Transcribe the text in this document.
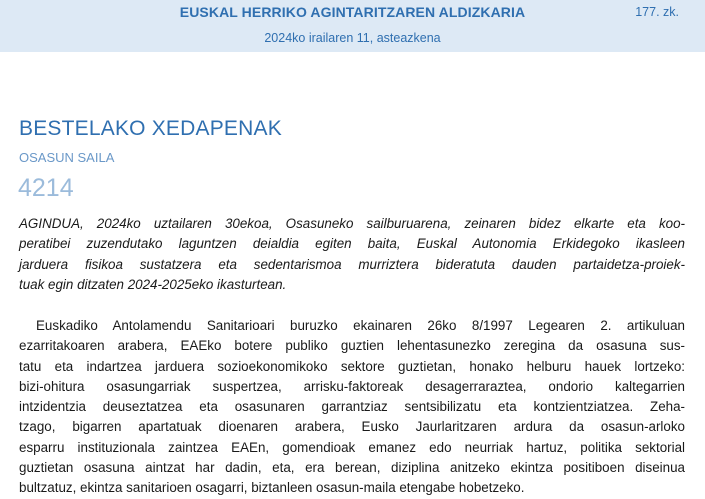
EUSKAL HERRIKO AGINTARITZAREN ALDIZKARIA	177. zk.
2024ko irailaren 11, asteazkena
BESTELAKO XEDAPENAK
OSASUN SAILA
4214

AGINDUA, 2024ko uztailaren 30ekoa, Osasuneko sailburuarena, zeinaren bidez elkarte eta koo-
peratibei zuzendutako laguntzen deialdia egiten baita, Euskal Autonomia Erkidegoko ikasleen
jarduera fisikoa sustatzera eta sedentarismoa murriztera bideratuta dauden partaidetza-proiek-
tuak egin ditzaten 2024-2025eko ikasturtean.

Euskadiko Antolamendu Sanitarioari buruzko ekainaren 26ko 8/1997 Legearen 2. artikuluan
ezarritakoaren arabera, EAEko botere publiko guztien lehentasunezko zeregina da osasuna sus-
tatu eta indartzea jarduera sozioekonomikoko sektore guztietan, honako helburu hauek lortzeko:
bizi-ohitura osasungarriak suspertzea, arrisku-faktoreak desagerraraztea, ondorio kaltegarrien
intzidentzia deuseztatzea eta osasunaren garrantziaz sentsibilizatu eta kontzientziatzea. Zeha-
tzago, bigarren apartatuak dioenaren arabera, Eusko Jaurlaritzaren ardura da osasun-arloko
esparru instituzionala zaintzea EAEn, gomendioak emanez edo neurriak hartuz, politika sektorial
guztietan osasuna aintzat har dadin, eta, era berean, diziplina anitzeko ekintza positiboen diseinua
bultzatuz, ekintza sanitarioen osagarri, biztanleen osasun-maila etengabe hobetzeko.
